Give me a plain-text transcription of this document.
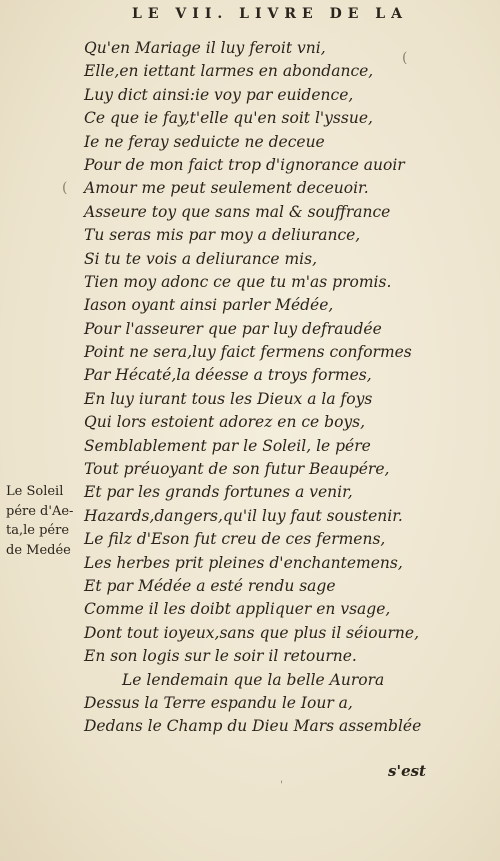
LE VII. LIVRE DE LA
Qu'en Mariage il luy feroit vni,
Elle,en iettant larmes en abondance,
Luy dict ainsi:ie voy par euidence,
Ce que ie fay,t'elle qu'en soit l'yssue,
Ie ne feray seduicte ne deceue
Pour de mon faict trop d'ignorance auoir
Amour me peut seulement deceuoir.
Asseure toy que sans mal & souffrance
Tu seras mis par moy a deliurance,
Si tu te vois a deliurance mis,
Tien moy adonc ce que tu m'as promis.
Iason oyant ainsi parler Médée,
Pour l'asseurer que par luy defraudée
Point ne sera,luy faict fermens conformes
Par Hécaté,la déesse a troys formes,
En luy iurant tous les Dieux a la foys
Qui lors estoient adorez en ce boys,
Semblablement par le Soleil, le pére
Tout préuoyant de son futur Beaupére,
Et par les grands fortunes a venir,
Hazards,dangers,qu'il luy faut soustenir.
Le filz d'Eson fut creu de ces fermens,
Les herbes prit pleines d'enchantemens,
Et par Médée a esté rendu sage
Comme il les doibt appliquer en vsage,
Dont tout ioyeux,sans que plus il séiourne,
En son logis sur le soir il retourne.
Le lendemain que la belle Aurora
Dessus la Terre espandu le Iour a,
Dedans le Champ du Dieu Mars assemblée
Le Soleil
pére d'Ae-
ta,le pére
de Medée
s'est
(
(
'
